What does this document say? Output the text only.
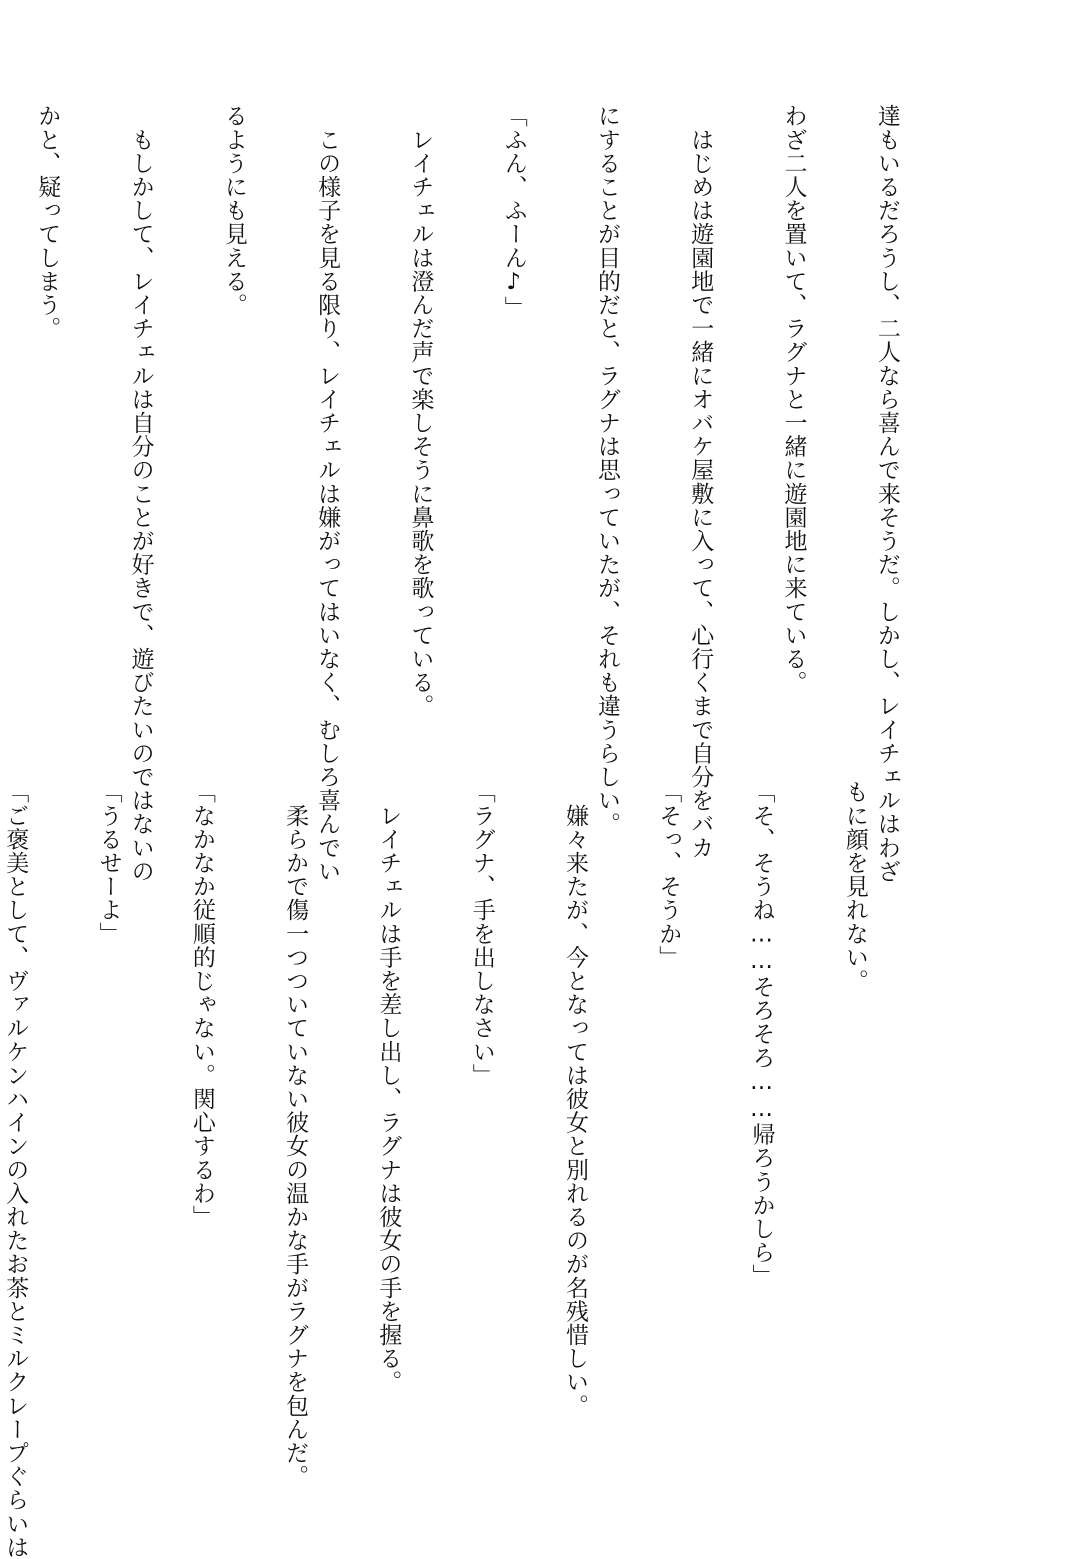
達もいるだろうし、二人なら喜んで来そうだ。しかし、レイチェルはわざ

わざ二人を置いて、ラグナと一緒に遊園地に来ている。

　はじめは遊園地で一緒にオバケ屋敷に入って、心行くまで自分をバカ

にすることが目的だと、ラグナは思っていたが、それも違うらしい。

「ふん、ふーん♪」

　レイチェルは澄んだ声で楽しそうに鼻歌を歌っている。

　この様子を見る限り、レイチェルは嫌がってはいなく、むしろ喜んでい

るようにも見える。

　もしかして、レイチェルは自分のことが好きで、遊びたいのではないの

かと、疑ってしまう。

もに顔を見れない。

「そ、そうね……そろそろ……帰ろうかしら」

「そっ、そうか」

　嫌々来たが、今となっては彼女と別れるのが名残惜しい。

「ラグナ、手を出しなさい」

　レイチェルは手を差し出し、ラグナは彼女の手を握る。

　柔らかで傷一つついていない彼女の温かな手がラグナを包んだ。

「なかなか従順的じゃない。関心するわ」

「うるせーよ」

「ご褒美として、ヴァルケンハインの入れたお茶とミルクレープぐらいは
